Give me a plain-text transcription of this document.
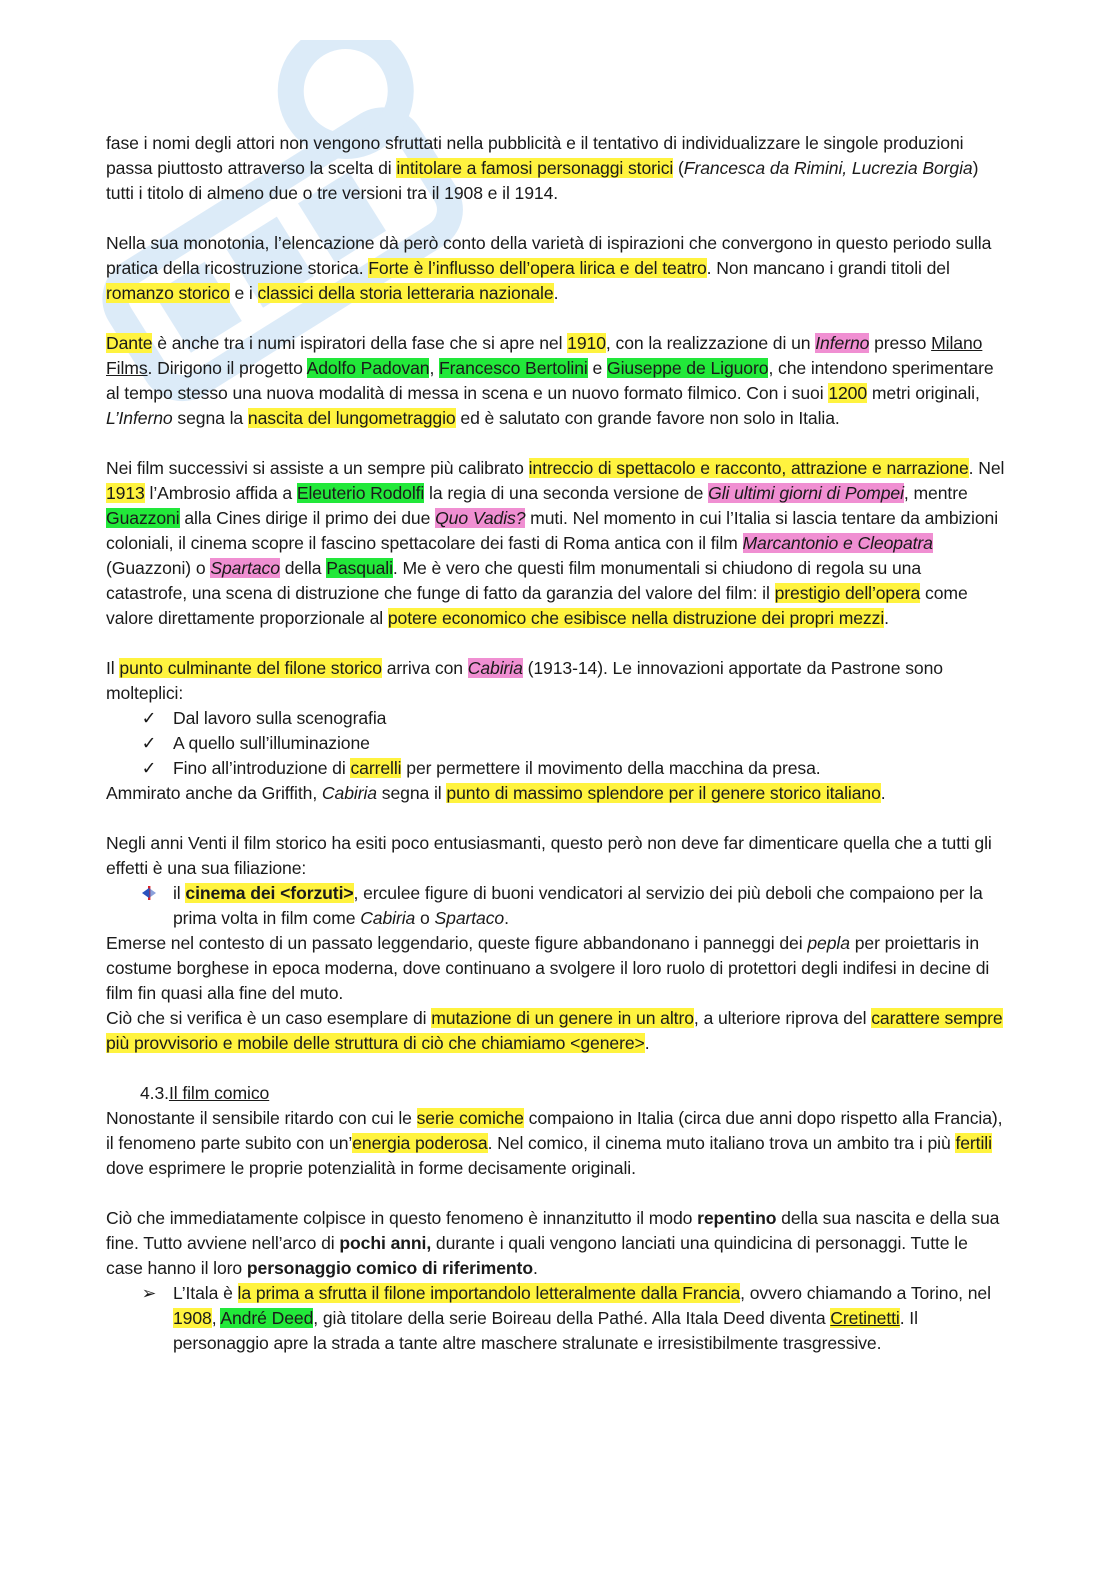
fase i nomi degli attori non vengono sfruttati nella pubblicità e il tentativo di individualizzare le singole produzioni passa piuttosto attraverso la scelta di intitolare a famosi personaggi storici (Francesca da Rimini, Lucrezia Borgia) tutti i titolo di almeno due o tre versioni tra il 1908 e il 1914.

Nella sua monotonia, l’elencazione dà però conto della varietà di ispirazioni che convergono in questo periodo sulla pratica della ricostruzione storica. Forte è l’influsso dell’opera lirica e del teatro. Non mancano i grandi titoli del romanzo storico e i classici della storia letteraria nazionale.

Dante è anche tra i numi ispiratori della fase che si apre nel 1910, con la realizzazione di un Inferno presso Milano Films. Dirigono il progetto Adolfo Padovan, Francesco Bertolini e Giuseppe de Liguoro, che intendono sperimentare al tempo stesso una nuova modalità di messa in scena e un nuovo formato filmico. Con i suoi 1200 metri originali, L’Inferno segna la nascita del lungometraggio ed è salutato con grande favore non solo in Italia.

Nei film successivi si assiste a un sempre più calibrato intreccio di spettacolo e racconto, attrazione e narrazione. Nel 1913 l’Ambrosio affida a Eleuterio Rodolfi la regia di una seconda versione de Gli ultimi giorni di Pompei, mentre Guazzoni alla Cines dirige il primo dei due Quo Vadis? muti. Nel momento in cui l’Italia si lascia tentare da ambizioni coloniali, il cinema scopre il fascino spettacolare dei fasti di Roma antica con il film Marcantonio e Cleopatra (Guazzoni) o Spartaco della Pasquali. Me è vero che questi film monumentali si chiudono di regola su una catastrofe, una scena di distruzione che funge di fatto da garanzia del valore del film: il prestigio dell’opera come valore direttamente proporzionale al potere economico che esibisce nella distruzione dei propri mezzi.

Il punto culminante del filone storico arriva con Cabiria (1913-14). Le innovazioni apportate da Pastrone sono molteplici:

✓ Dal lavoro sulla scenografia
✓ A quello sull’illuminazione
✓ Fino all’introduzione di carrelli per permettere il movimento della macchina da presa.

Ammirato anche da Griffith, Cabiria segna il punto di massimo splendore per il genere storico italiano.

Negli anni Venti il film storico ha esiti poco entusiasmanti, questo però non deve far dimenticare quella che a tutti gli effetti è una sua filiazione:

il cinema dei <forzuti>, erculee figure di buoni vendicatori al servizio dei più deboli che compaiono per la prima volta in film come Cabiria o Spartaco.

Emerse nel contesto di un passato leggendario, queste figure abbandonano i panneggi dei pepla per proiettaris in costume borghese in epoca moderna, dove continuano a svolgere il loro ruolo di protettori degli indifesi in decine di film fin quasi alla fine del muto.

Ciò che si verifica è un caso esemplare di mutazione di un genere in un altro, a ulteriore riprova del carattere sempre più provvisorio e mobile delle struttura di ciò che chiamiamo <genere>.

4.3.Il film comico

Nonostante il sensibile ritardo con cui le serie comiche compaiono in Italia (circa due anni dopo rispetto alla Francia), il fenomeno parte subito con un’energia poderosa. Nel comico, il cinema muto italiano trova un ambito tra i più fertili dove esprimere le proprie potenzialità in forme decisamente originali.

Ciò che immediatamente colpisce in questo fenomeno è innanzitutto il modo repentino della sua nascita e della sua fine. Tutto avviene nell’arco di pochi anni, durante i quali vengono lanciati una quindicina di personaggi. Tutte le case hanno il loro personaggio comico di riferimento.

➢ L’Itala è la prima a sfrutta il filone importandolo letteralmente dalla Francia, ovvero chiamando a Torino, nel 1908, André Deed, già titolare della serie Boireau della Pathé. Alla Itala Deed diventa Cretinetti. Il personaggio apre la strada a tante altre maschere stralunate e irresistibilmente trasgressive.
